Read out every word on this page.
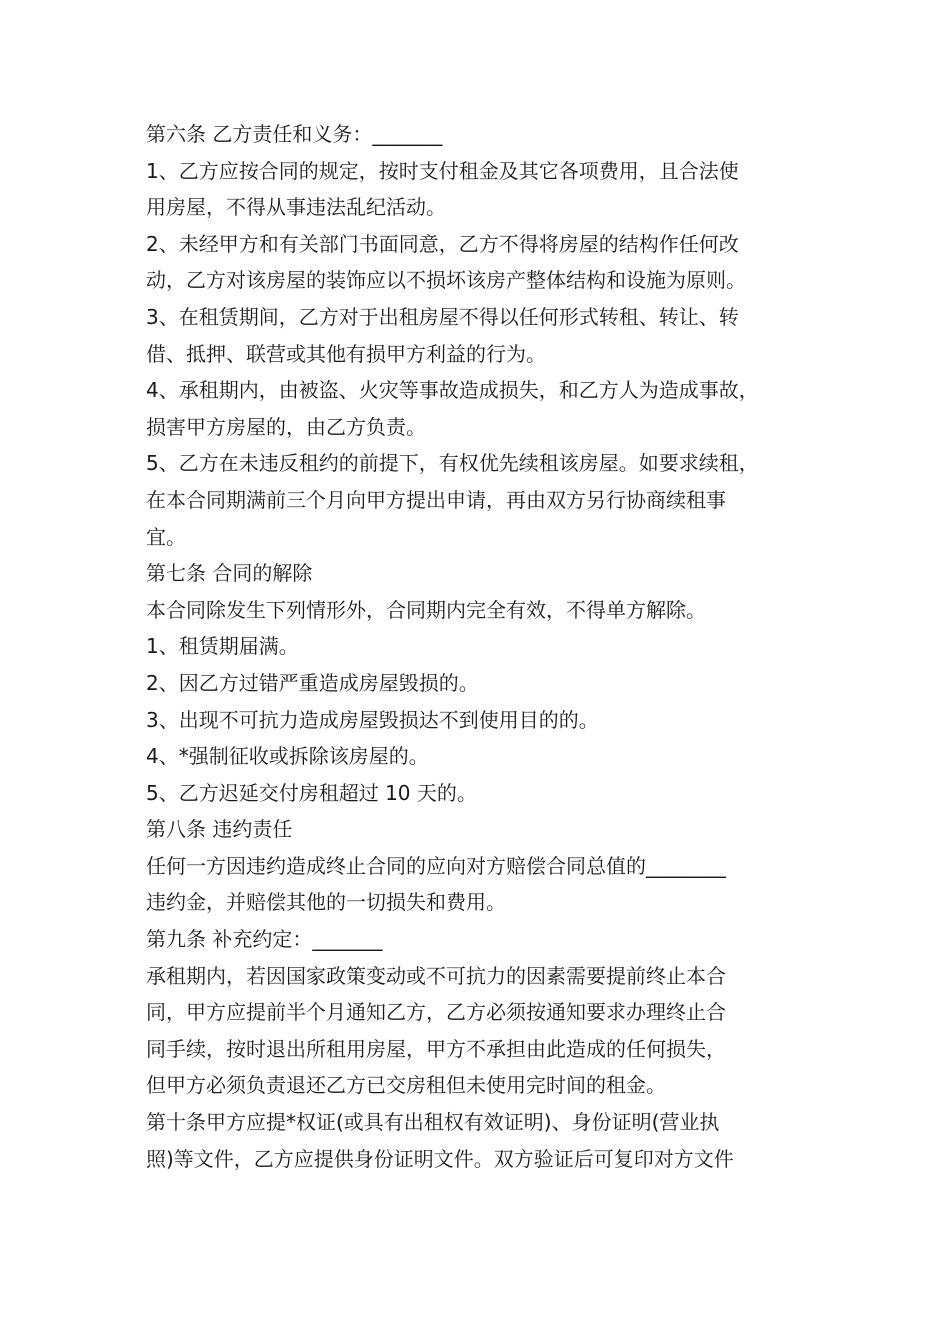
第六条 乙方责任和义务：_______
1、乙方应按合同的规定，按时支付租金及其它各项费用，且合法使
用房屋，不得从事违法乱纪活动。
2、未经甲方和有关部门书面同意，乙方不得将房屋的结构作任何改
动，乙方对该房屋的装饰应以不损坏该房产整体结构和设施为原则。
3、在租赁期间，乙方对于出租房屋不得以任何形式转租、转让、转
借、抵押、联营或其他有损甲方利益的行为。
4、承租期内，由被盗、火灾等事故造成损失，和乙方人为造成事故，
损害甲方房屋的，由乙方负责。
5、乙方在未违反租约的前提下，有权优先续租该房屋。如要求续租，
在本合同期满前三个月向甲方提出申请，再由双方另行协商续租事
宜。
第七条 合同的解除
本合同除发生下列情形外，合同期内完全有效，不得单方解除。
1、租赁期届满。
2、因乙方过错严重造成房屋毁损的。
3、出现不可抗力造成房屋毁损达不到使用目的的。
4、*强制征收或拆除该房屋的。
5、乙方迟延交付房租超过 10 天的。
第八条 违约责任
任何一方因违约造成终止合同的应向对方赔偿合同总值的________
违约金，并赔偿其他的一切损失和费用。
第九条 补充约定：_______
承租期内，若因国家政策变动或不可抗力的因素需要提前终止本合
同，甲方应提前半个月通知乙方，乙方必须按通知要求办理终止合
同手续，按时退出所租用房屋，甲方不承担由此造成的任何损失，
但甲方必须负责退还乙方已交房租但未使用完时间的租金。
第十条甲方应提*权证(或具有出租权有效证明)、身份证明(营业执
照)等文件，乙方应提供身份证明文件。双方验证后可复印对方文件
